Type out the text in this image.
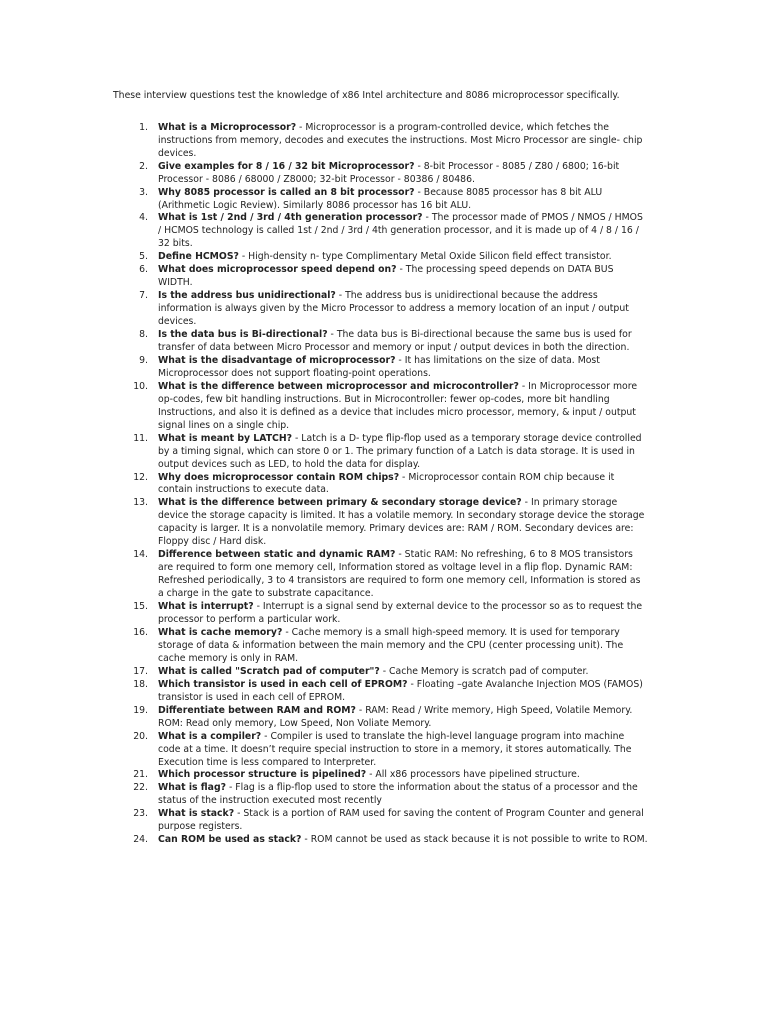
These interview questions test the knowledge of x86 Intel architecture and 8086 microprocessor specifically.

1. What is a Microprocessor? - Microprocessor is a program-controlled device, which fetches the instructions from memory, decodes and executes the instructions. Most Micro Processor are single- chip devices.
2. Give examples for 8 / 16 / 32 bit Microprocessor? - 8-bit Processor - 8085 / Z80 / 6800; 16-bit Processor - 8086 / 68000 / Z8000; 32-bit Processor - 80386 / 80486.
3. Why 8085 processor is called an 8 bit processor? - Because 8085 processor has 8 bit ALU (Arithmetic Logic Review). Similarly 8086 processor has 16 bit ALU.
4. What is 1st / 2nd / 3rd / 4th generation processor? - The processor made of PMOS / NMOS / HMOS / HCMOS technology is called 1st / 2nd / 3rd / 4th generation processor, and it is made up of 4 / 8 / 16 / 32 bits.
5. Define HCMOS? - High-density n- type Complimentary Metal Oxide Silicon field effect transistor.
6. What does microprocessor speed depend on? - The processing speed depends on DATA BUS WIDTH.
7. Is the address bus unidirectional? - The address bus is unidirectional because the address information is always given by the Micro Processor to address a memory location of an input / output devices.
8. Is the data bus is Bi-directional? - The data bus is Bi-directional because the same bus is used for transfer of data between Micro Processor and memory or input / output devices in both the direction.
9. What is the disadvantage of microprocessor? - It has limitations on the size of data. Most Microprocessor does not support floating-point operations.
10. What is the difference between microprocessor and microcontroller? - In Microprocessor more op-codes, few bit handling instructions. But in Microcontroller: fewer op-codes, more bit handling Instructions, and also it is defined as a device that includes micro processor, memory, & input / output signal lines on a single chip.
11. What is meant by LATCH? - Latch is a D- type flip-flop used as a temporary storage device controlled by a timing signal, which can store 0 or 1. The primary function of a Latch is data storage. It is used in output devices such as LED, to hold the data for display.
12. Why does microprocessor contain ROM chips? - Microprocessor contain ROM chip because it contain instructions to execute data.
13. What is the difference between primary & secondary storage device? - In primary storage device the storage capacity is limited. It has a volatile memory. In secondary storage device the storage capacity is larger. It is a nonvolatile memory. Primary devices are: RAM / ROM. Secondary devices are: Floppy disc / Hard disk.
14. Difference between static and dynamic RAM? - Static RAM: No refreshing, 6 to 8 MOS transistors are required to form one memory cell, Information stored as voltage level in a flip flop. Dynamic RAM: Refreshed periodically, 3 to 4 transistors are required to form one memory cell, Information is stored as a charge in the gate to substrate capacitance.
15. What is interrupt? - Interrupt is a signal send by external device to the processor so as to request the processor to perform a particular work.
16. What is cache memory? - Cache memory is a small high-speed memory. It is used for temporary storage of data & information between the main memory and the CPU (center processing unit). The cache memory is only in RAM.
17. What is called "Scratch pad of computer"? - Cache Memory is scratch pad of computer.
18. Which transistor is used in each cell of EPROM? - Floating –gate Avalanche Injection MOS (FAMOS) transistor is used in each cell of EPROM.
19. Differentiate between RAM and ROM? - RAM: Read / Write memory, High Speed, Volatile Memory. ROM: Read only memory, Low Speed, Non Voliate Memory.
20. What is a compiler? - Compiler is used to translate the high-level language program into machine code at a time. It doesn’t require special instruction to store in a memory, it stores automatically. The Execution time is less compared to Interpreter.
21. Which processor structure is pipelined? - All x86 processors have pipelined structure.
22. What is flag? - Flag is a flip-flop used to store the information about the status of a processor and the status of the instruction executed most recently
23. What is stack? - Stack is a portion of RAM used for saving the content of Program Counter and general purpose registers.
24. Can ROM be used as stack? - ROM cannot be used as stack because it is not possible to write to ROM.
